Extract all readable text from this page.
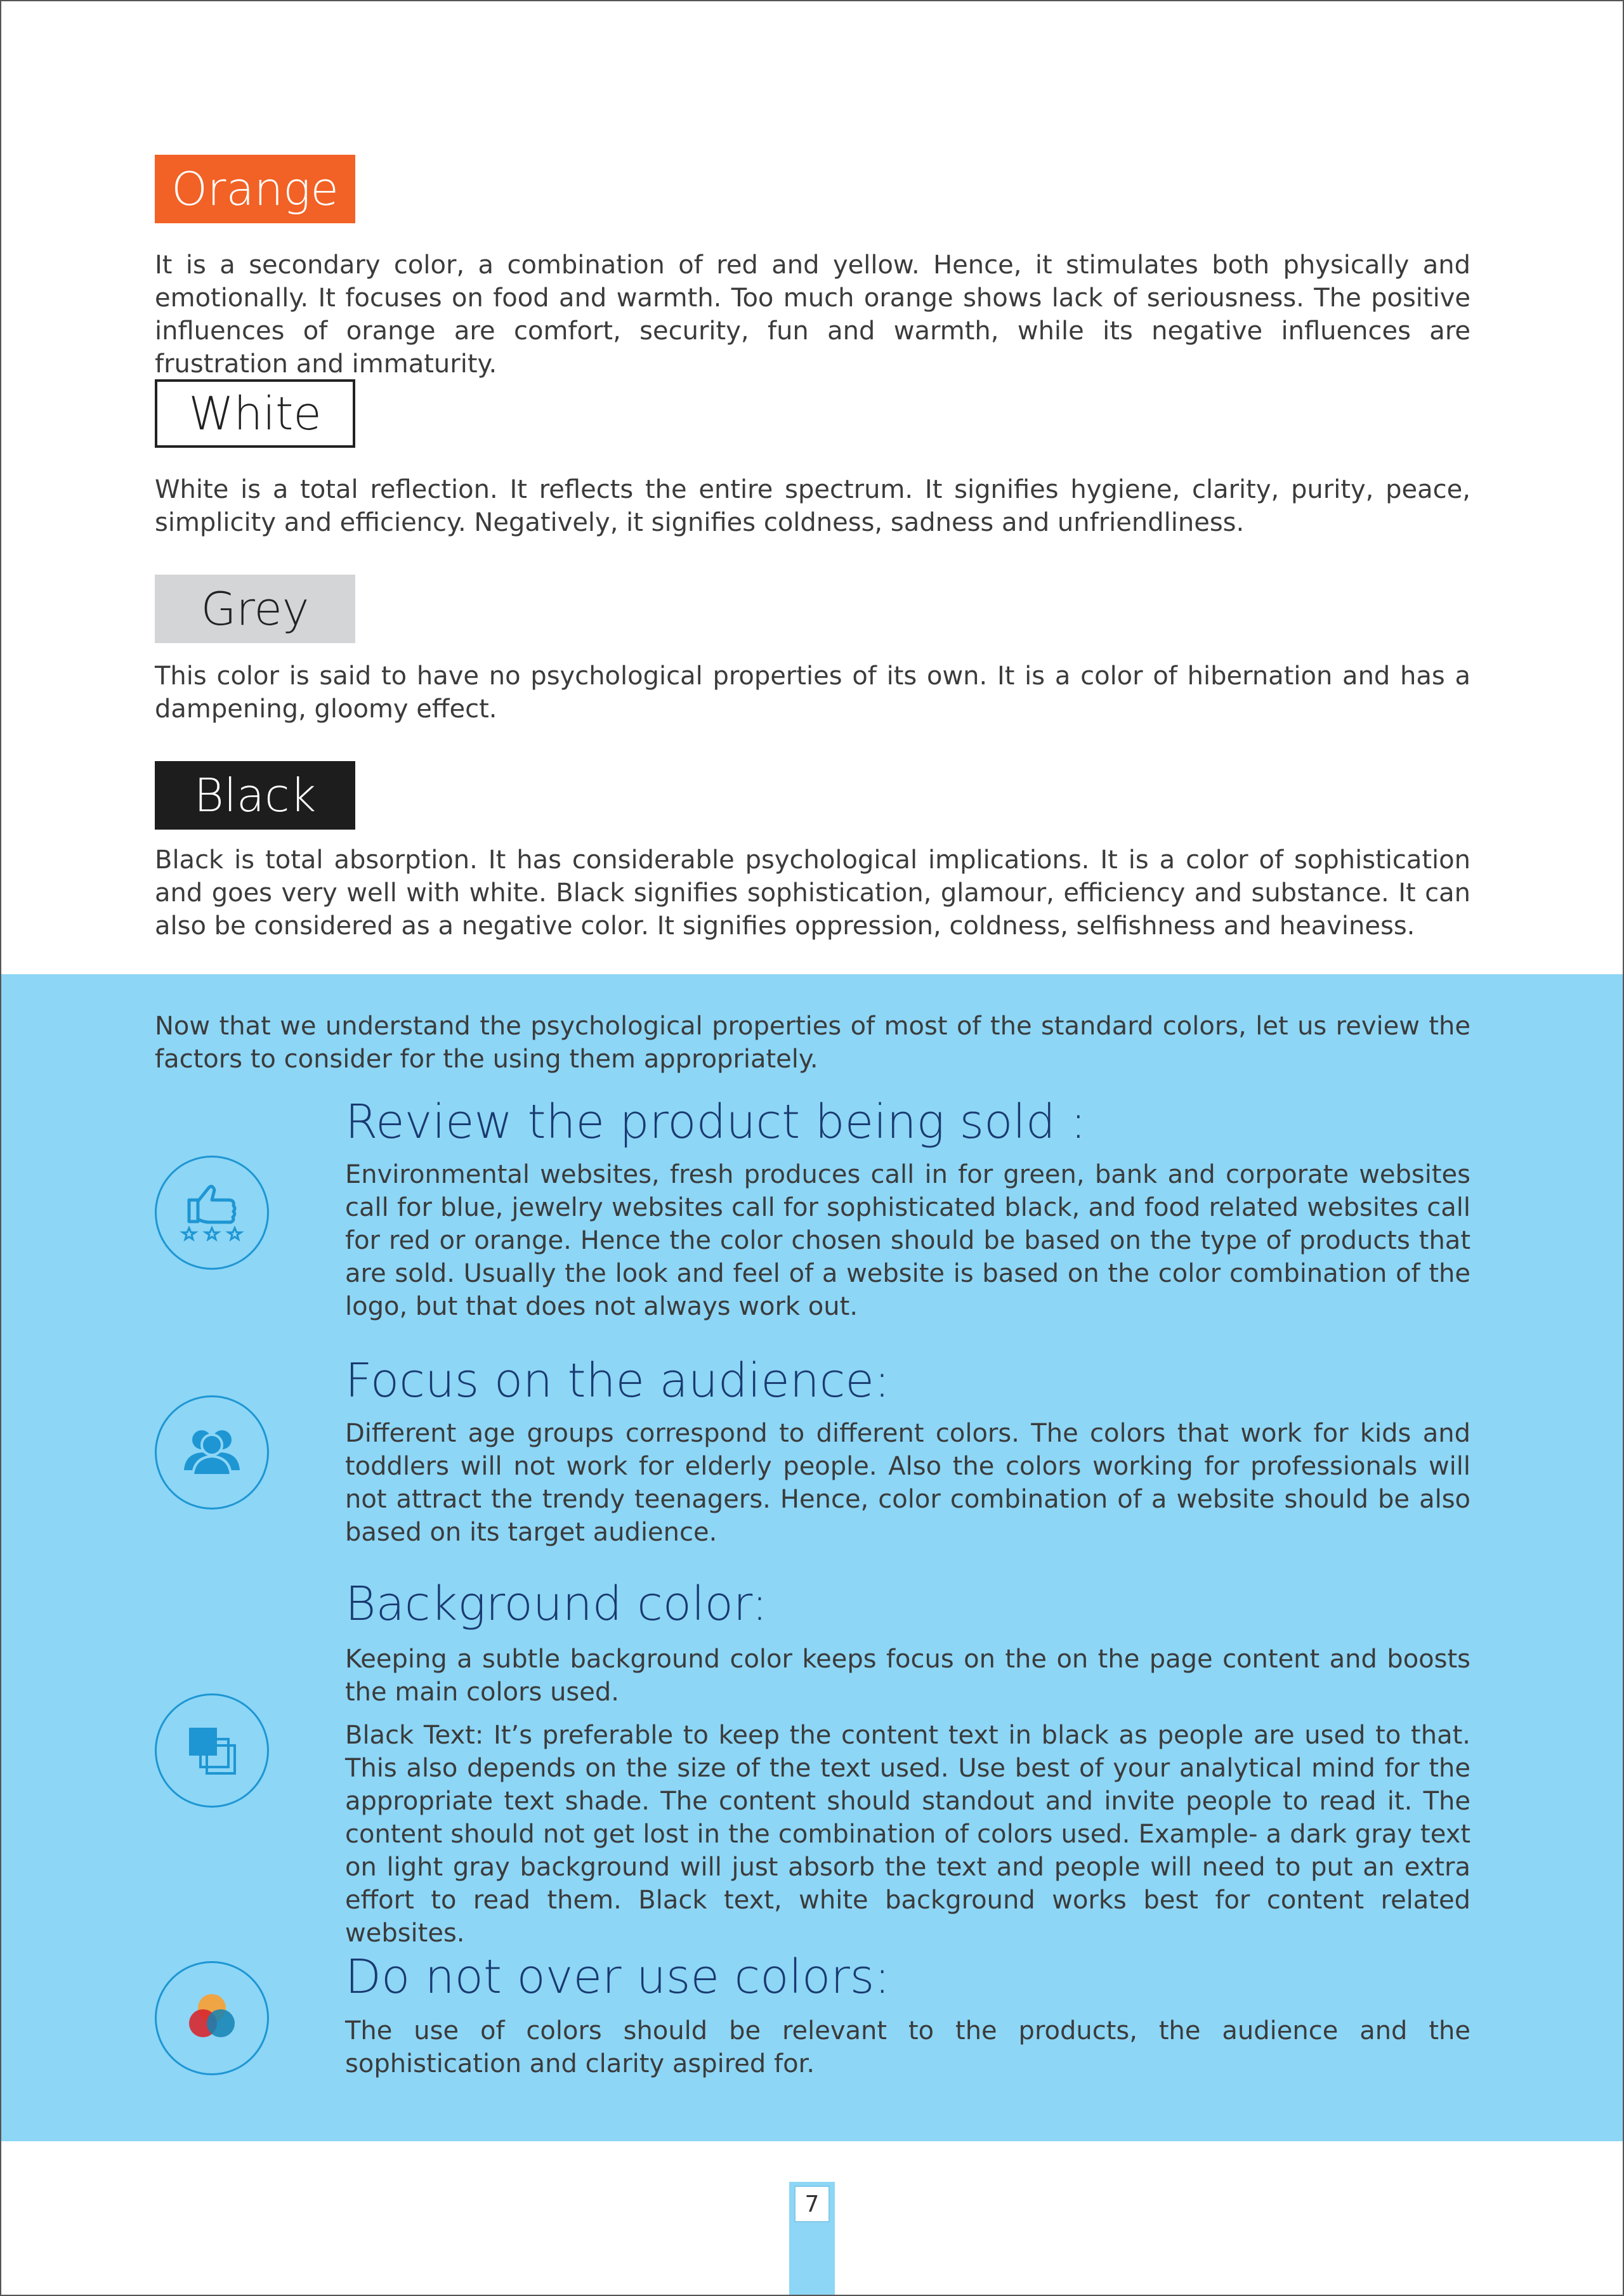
Orange

It is a secondary color, a combination of red and yellow. Hence, it stimulates both physically and emotionally. It focuses on food and warmth. Too much orange shows lack of seriousness. The positive influences of orange are comfort, security, fun and warmth, while its negative influences are frustration and immaturity.

White

White is a total reflection. It reflects the entire spectrum. It signifies hygiene, clarity, purity, peace, simplicity and efficiency. Negatively, it signifies coldness, sadness and unfriendliness.

Grey

This color is said to have no psychological properties of its own. It is a color of hibernation and has a dampening, gloomy effect.

Black

Black is total absorption. It has considerable psychological implications. It is a color of sophistication and goes very well with white. Black signifies sophistication, glamour, efficiency and substance. It can also be considered as a negative color. It signifies oppression, coldness, selfishness and heaviness.

Now that we understand the psychological properties of most of the standard colors, let us review the factors to consider for the using them appropriately.

Review the product being sold :

Environmental websites, fresh produces call in for green, bank and corporate websites call for blue, jewelry websites call for sophisticated black, and food related websites call for red or orange. Hence the color chosen should be based on the type of products that are sold. Usually the look and feel of a website is based on the color combination of the logo, but that does not always work out.

Focus on the audience:

Different age groups correspond to different colors. The colors that work for kids and toddlers will not work for elderly people. Also the colors working for professionals will not attract the trendy teenagers. Hence, color combination of a website should be also based on its target audience.

Background color:

Keeping a subtle background color keeps focus on the on the page content and boosts the main colors used.

Black Text: It’s preferable to keep the content text in black as people are used to that. This also depends on the size of the text used. Use best of your analytical mind for the appropriate text shade. The content should standout and invite people to read it. The content should not get lost in the combination of colors used. Example- a dark gray text on light gray background will just absorb the text and people will need to put an extra effort to read them. Black text, white background works best for content related websites.

Do not over use colors:

The use of colors should be relevant to the products, the audience and the sophistication and clarity aspired for.

7
